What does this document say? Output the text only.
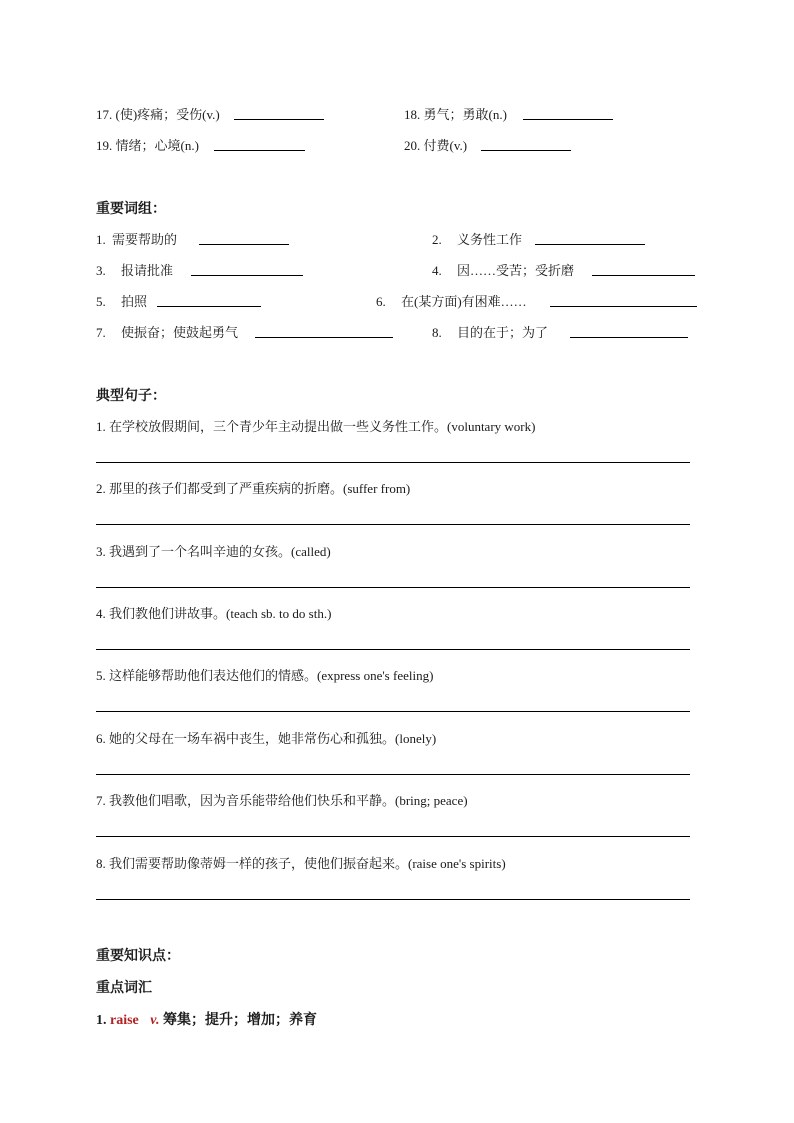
17. (使)疼痛；受伤(v.)	18. 勇气；勇敢(n.)
19. 情绪；心境(n.)	20. 付费(v.)
重要词组：
1. 需要帮助的	2. 义务性工作
3. 报请批准	4. 因……受苦；受折磨
5. 拍照	6. 在(某方面)有困难……
7. 使振奋；使鼓起勇气	8. 目的在于；为了
典型句子：
1. 在学校放假期间，三个青少年主动提出做一些义务性工作。(voluntary work)
2. 那里的孩子们都受到了严重疾病的折磨。(suffer from)
3. 我遇到了一个名叫辛迪的女孩。(called)
4. 我们教他们讲故事。(teach sb. to do sth.)
5. 这样能够帮助他们表达他们的情感。(express one's feeling)
6. 她的父母在一场车祸中丧生，她非常伤心和孤独。(lonely)
7. 我教他们唱歌，因为音乐能带给他们快乐和平静。(bring; peace)
8. 我们需要帮助像蒂姆一样的孩子，使他们振奋起来。(raise one's spirits)
重要知识点：
重点词汇
1. raise v. 筹集；提升；增加；养育
